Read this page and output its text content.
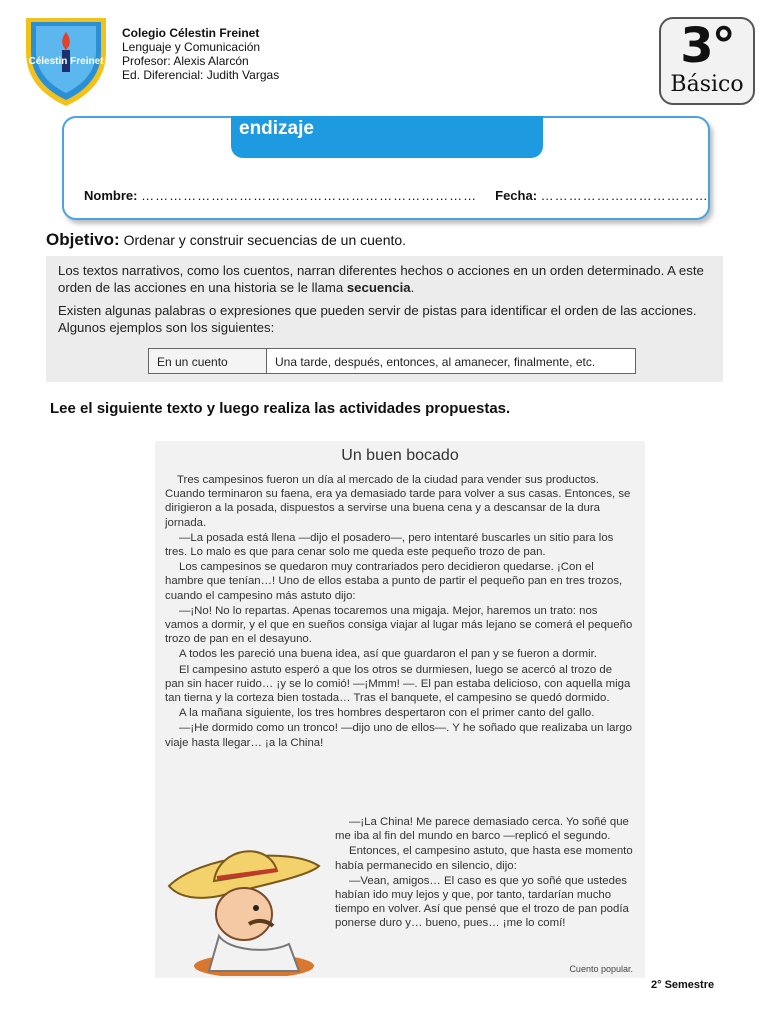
Célestin Freinet
Colegio Célestin Freinet
Lenguaje y Comunicación
Profesor: Alexis Alarcón
Ed. Diferencial: Judith Vargas
3°
Básico
endizaje
Nombre: ……………………………………………………………… Fecha: ………………………………
Objetivo: Ordenar y construir secuencias de un cuento.

Los textos narrativos, como los cuentos, narran diferentes hechos o acciones en un orden determinado. A este orden de las acciones en una historia se le llama secuencia.

Existen algunas palabras o expresiones que pueden servir de pistas para identificar el orden de las acciones. Algunos ejemplos son los siguientes:

En un cuento	Una tarde, después, entonces, al amanecer, finalmente, etc.
Lee el siguiente texto y luego realiza las actividades propuestas.
Un buen bocado

Tres campesinos fueron un día al mercado de la ciudad para vender sus productos. Cuando terminaron su faena, era ya demasiado tarde para volver a sus casas. Entonces, se dirigieron a la posada, dispuestos a servirse una buena cena y a descansar de la dura jornada.

—La posada está llena —dijo el posadero—, pero intentaré buscarles un sitio para los tres. Lo malo es que para cenar solo me queda este pequeño trozo de pan.

Los campesinos se quedaron muy contrariados pero decidieron quedarse. ¡Con el hambre que tenían…! Uno de ellos estaba a punto de partir el pequeño pan en tres trozos, cuando el campesino más astuto dijo:

—¡No! No lo repartas. Apenas tocaremos una migaja. Mejor, haremos un trato: nos vamos a dormir, y el que en sueños consiga viajar al lugar más lejano se comerá el pequeño trozo de pan en el desayuno.

A todos les pareció una buena idea, así que guardaron el pan y se fueron a dormir.

El campesino astuto esperó a que los otros se durmiesen, luego se acercó al trozo de pan sin hacer ruido… ¡y se lo comió! —¡Mmm! —. El pan estaba delicioso, con aquella miga tan tierna y la corteza bien tostada… Tras el banquete, el campesino se quedó dormido.

A la mañana siguiente, los tres hombres despertaron con el primer canto del gallo.

—¡He dormido como un tronco! —dijo uno de ellos—. Y he soñado que realizaba un largo viaje hasta llegar… ¡a la China!

—¡La China! Me parece demasiado cerca. Yo soñé que me iba al fin del mundo en barco —replicó el segundo.

Entonces, el campesino astuto, que hasta ese momento había permanecido en silencio, dijo:

—Vean, amigos… El caso es que yo soñé que ustedes habían ido muy lejos y que, por tanto, tardarían mucho tiempo en volver. Así que pensé que el trozo de pan podía ponerse duro y… bueno, pues… ¡me lo comí!

Cuento popular.
2° Semestre
